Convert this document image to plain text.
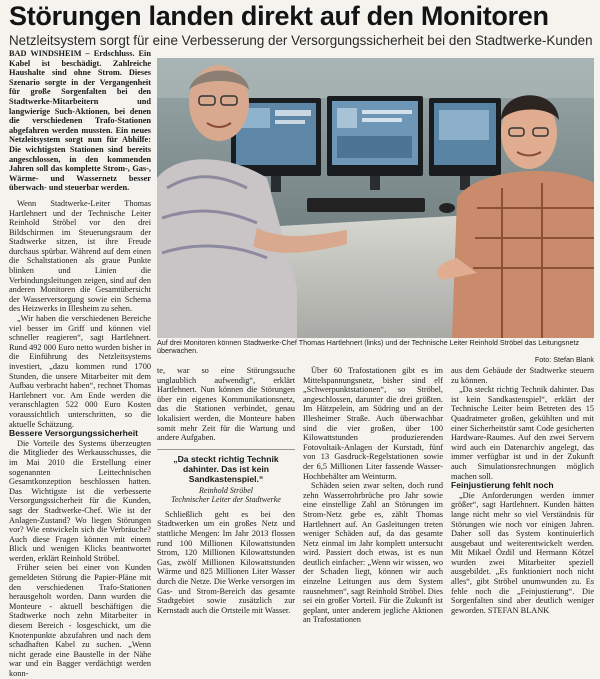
Störungen landen direkt auf den Monitoren
Netzleitsystem sorgt für eine Verbesserung der Versorgungssicherheit bei den Stadtwerke-Kunden

BAD WINDSHEIM – Erdschluss. Ein Kabel ist beschädigt. Zahlreiche Haushalte sind ohne Strom. Dieses Szenario sorgte in der Vergangenheit für große Sorgenfalten bei den Stadtwerke-Mitarbeitern und langwierige Such-Aktionen, bei denen die verschiedenen Trafo-Stationen abgefahren werden mussten. Ein neues Netzleitsystem sorgt nun für Abhilfe: Die wichtigsten Stationen sind bereits angeschlossen, in den kommenden Jahren soll das komplette Strom-, Gas-, Wärme- und Wassernetz besser überwach- und steuerbar werden.

Wenn Stadtwerke-Leiter Thomas Hartlehnert und der Technische Leiter Reinhold Ströbel vor den drei Bildschirmen im Steuerungsraum der Stadtwerke sitzen, ist ihre Freude durchaus spürbar. Während auf dem einen die Schaltstationen als graue Punkte blinken und Linien die Verbindungsleitungen zeigen, sind auf den anderen Monitoren die Gesamtübersicht der Wasserversorgung sowie ein Schema des Heizwerks in Illesheim zu sehen.

„Wir haben die verschiedenen Bereiche viel besser im Griff und können viel schneller reagieren“, sagt Hartlehnert. Rund 492 000 Euro netto wurden bisher in die Einführung des Netzleitsystems investiert, „dazu kommen rund 1700 Stunden, die unsere Mitarbeiter mit dem Aufbau verbracht haben“, rechnet Thomas Hartlehnert vor. Am Ende werden die veranschlagten 522 000 Euro Kosten voraussichtlich unterschritten, so die aktuelle Schätzung.

Bessere Versorgungssicherheit

Die Vorteile des Systems überzeugten die Mitglieder des Werkausschusses, die im Mai 2010 die Erstellung einer sogenannten Leittechnischen Gesamtkonzeption beschlossen hatten. Das Wichtigste ist die verbesserte Versorgungssicherheit für die Kunden, sagt der Stadtwerke-Chef. Wie ist der Anlagen-Zustand? Wo liegen Störungen vor? Wie entwickeln sich die Verbräuche? Auch diese Fragen können mit einem Blick und wenigen Klicks beantwortet werden, erklärt Reinhold Ströbel.

Früher seien bei einer von Kunden gemeldeten Störung die Papier-Pläne mit den verschiedenen Trafo-Stationen herausgeholt worden. Dann wurden die Monteure - aktuell beschäftigen die Stadtwerke noch zehn Mitarbeiter in diesem Bereich - losgeschickt, um die Knotenpunkte abzufahren und nach dem schadhaften Kabel zu suchen. „Wenn nicht gerade eine Baustelle in der Nähe war und ein Bagger verdächtigt werden konn-

Auf drei Monitoren können Stadtwerke-Chef Thomas Hartlehnert (links) und der Technische Leiter Reinhold Ströbel das Leitungsnetz überwachen.
Foto: Stefan Blank

te, war so eine Störungssuche unglaublich aufwendig“, erklärt Hartlehnert. Nun können die Störungen über ein eigenes Kommunikationsnetz, das die Stationen verbindet, genau lokalisiert werden, die Monteure haben somit mehr Zeit für die Wartung und andere Aufgaben.

„Da steckt richtig Technik dahinter. Das ist kein Sandkastenspiel.“
Reinhold Ströbel
Technischer Leiter der Stadtwerke

Schließlich geht es bei den Stadtwerken um ein großes Netz und stattliche Mengen: Im Jahr 2013 flossen rund 100 Millionen Kilowattstunden Strom, 120 Millionen Kilowattstunden Gas, zwölf Millionen Kilowattstunden Wärme und 825 Millionen Liter Wasser durch die Netze. Die Werke versorgen im Gas- und Strom-Bereich das gesamte Stadtgebiet sowie zusätzlich zur Kernstadt auch die Ortsteile mit Wasser.

Über 60 Trafostationen gibt es im Mittelspannungsnetz, bisher sind elf „Schwerpunktstationen“, so Ströbel, angeschlossen, darunter die drei größten. Im Hätzpelein, am Südring und an der Illesheimer Straße. Auch überwachbar sind die vier großen, über 100 Kilowattstunden produzierenden Fotovoltaik-Anlagen der Kurstadt, fünf von 13 Gasdruck-Regelstationen sowie der 6,5 Millionen Liter fassende Wasser-Hochbehälter am Weinturm.

Schäden seien zwar selten, doch rund zehn Wasserrohrbrüche pro Jahr sowie eine einstellige Zahl an Störungen im Strom-Netz gebe es, zählt Thomas Hartlehnert auf. An Gasleitungen treten weniger Schäden auf, da das gesamte Netz einmal im Jahr komplett untersucht wird. Passiert doch etwas, ist es nun deutlich einfacher: „Wenn wir wissen, wo der Schaden liegt, können wir auch einzelne Leitungen aus dem System rausnehmen“, sagt Reinhold Ströbel. Dies sei ein großer Vorteil. Für die Zukunft ist geplant, unter anderem jegliche Aktionen an Trafostationen

aus dem Gebäude der Stadtwerke steuern zu können.

„Da steckt richtig Technik dahinter. Das ist kein Sandkastenspiel“, erklärt der Technische Leiter beim Betreten des 15 Quadratmeter großen, gekühlten und mit einer Sicherheitstür samt Code gesicherten Hardware-Raumes. Auf den zwei Servern wird auch ein Datenarchiv angelegt, das immer verfügbar ist und in der Zukunft auch Simulationsrechnungen möglich machen soll.

Feinjustierung fehlt noch

„Die Anforderungen werden immer größer“, sagt Hartlehnert. Kunden hätten lange nicht mehr so viel Verständnis für Störungen wie noch vor einigen Jahren. Daher soll das System kontinuierlich ausgebaut und weiterentwickelt werden. Mit Mikael Özdil und Hermann Kötzel wurden zwei Mitarbeiter speziell ausgebildet. „Es funktioniert noch nicht alles“, gibt Ströbel unumwunden zu. Es fehle noch die „Feinjustierung“. Die Sorgenfalten sind aber deutlich weniger geworden. STEFAN BLANK
